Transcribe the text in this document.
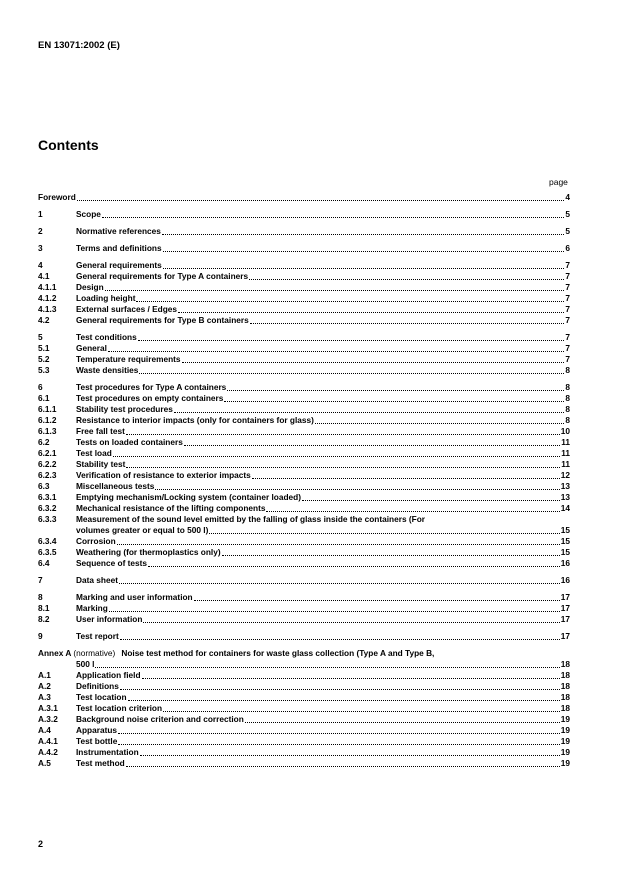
EN 13071:2002 (E)
Contents
page
Foreword	4
1	Scope	5
2	Normative references	5
3	Terms and definitions	6
4	General requirements	7
4.1	General requirements for Type A containers	7
4.1.1	Design	7
4.1.2	Loading height	7
4.1.3	External surfaces / Edges	7
4.2	General requirements for Type B containers	7
5	Test conditions	7
5.1	General	7
5.2	Temperature requirements	7
5.3	Waste densities	8
6	Test procedures for Type A containers	8
6.1	Test procedures on empty containers	8
6.1.1	Stability test procedures	8
6.1.2	Resistance to interior impacts (only for containers for glass)	8
6.1.3	Free fall test	10
6.2	Tests on loaded containers	11
6.2.1	Test load	11
6.2.2	Stability test	11
6.2.3	Verification of resistance to exterior impacts	12
6.3	Miscellaneous tests	13
6.3.1	Emptying mechanism/Locking system (container loaded)	13
6.3.2	Mechanical resistance of the lifting components	14
6.3.3	Measurement of the sound level emitted by the falling of glass inside the containers (For
volumes greater or equal to 500 l)	15
6.3.4	Corrosion	15
6.3.5	Weathering (for thermoplastics only)	15
6.4	Sequence of tests	16
7	Data sheet	16
8	Marking and user information	17
8.1	Marking	17
8.2	User information	17
9	Test report	17
Annex A (normative) Noise test method for containers for waste glass collection (Type A and Type B,
500 l	18
A.1	Application field	18
A.2	Definitions	18
A.3	Test location	18
A.3.1	Test location criterion	18
A.3.2	Background noise criterion and correction	19
A.4	Apparatus	19
A.4.1	Test bottle	19
A.4.2	Instrumentation	19
A.5	Test method	19
2
